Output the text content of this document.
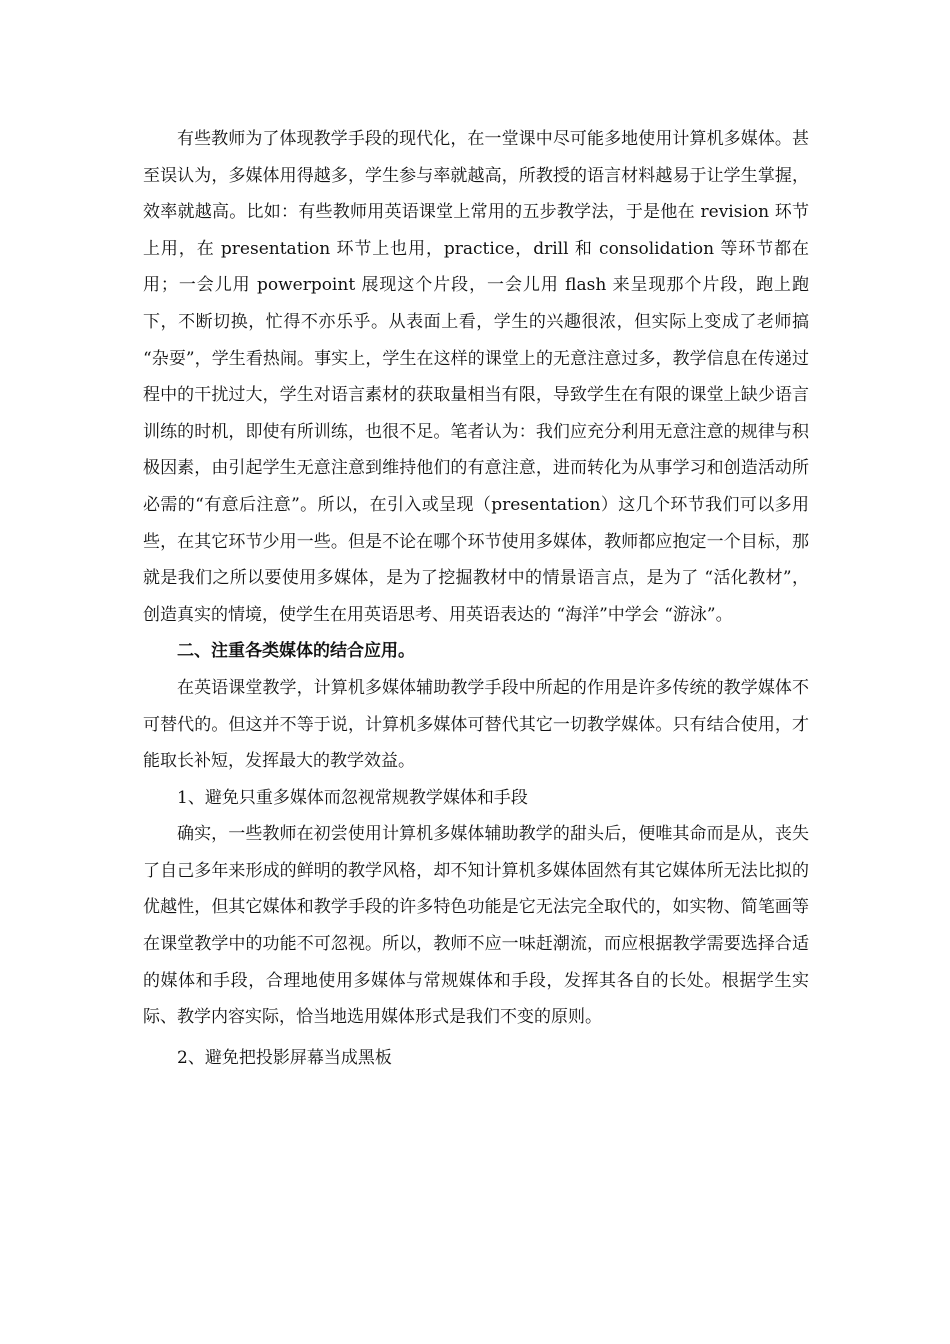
有些教师为了体现教学手段的现代化，在一堂课中尽可能多地使用计算机多媒体。甚至误认为，多媒体用得越多，学生参与率就越高，所教授的语言材料越易于让学生掌握，效率就越高。比如：有些教师用英语课堂上常用的五步教学法，于是他在 revision 环节上用，在 presentation 环节上也用，practice，drill 和 consolidation 等环节都在用；一会儿用 powerpoint 展现这个片段，一会儿用 flash 来呈现那个片段，跑上跑下，不断切换，忙得不亦乐乎。从表面上看，学生的兴趣很浓，但实际上变成了老师搞 “杂耍”，学生看热闹。事实上，学生在这样的课堂上的无意注意过多，教学信息在传递过程中的干扰过大，学生对语言素材的获取量相当有限，导致学生在有限的课堂上缺少语言训练的时机，即使有所训练，也很不足。笔者认为：我们应充分利用无意注意的规律与积极因素，由引起学生无意注意到维持他们的有意注意，进而转化为从事学习和创造活动所必需的“有意后注意”。所以，在引入或呈现（presentation）这几个环节我们可以多用些，在其它环节少用一些。但是不论在哪个环节使用多媒体，教师都应抱定一个目标，那就是我们之所以要使用多媒体，是为了挖掘教材中的情景语言点，是为了 “活化教材”，创造真实的情境，使学生在用英语思考、用英语表达的 “海洋”中学会 “游泳”。

二、注重各类媒体的结合应用。

在英语课堂教学，计算机多媒体辅助教学手段中所起的作用是许多传统的教学媒体不可替代的。但这并不等于说，计算机多媒体可替代其它一切教学媒体。只有结合使用，才能取长补短，发挥最大的教学效益。

1、避免只重多媒体而忽视常规教学媒体和手段

确实，一些教师在初尝使用计算机多媒体辅助教学的甜头后，便唯其命而是从，丧失了自己多年来形成的鲜明的教学风格，却不知计算机多媒体固然有其它媒体所无法比拟的优越性，但其它媒体和教学手段的许多特色功能是它无法完全取代的，如实物、简笔画等在课堂教学中的功能不可忽视。所以，教师不应一味赶潮流，而应根据教学需要选择合适的媒体和手段，合理地使用多媒体与常规媒体和手段，发挥其各自的长处。根据学生实际、教学内容实际，恰当地选用媒体形式是我们不变的原则。

2、避免把投影屏幕当成黑板
